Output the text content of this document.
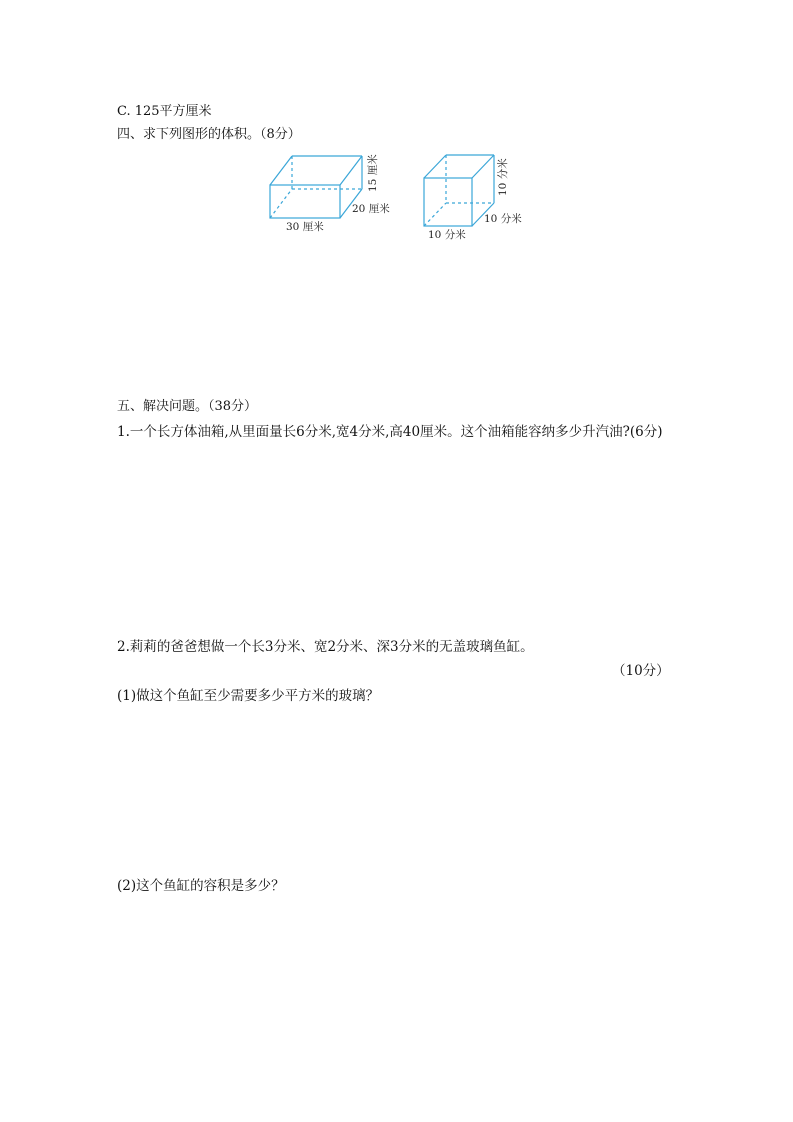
C. 125平方厘米
四、求下列图形的体积。（8分）
30 厘米
20 厘米
15 厘米
10 分米
10 分米
10 分米
五、解决问题。（38分）
1.一个长方体油箱,从里面量长6分米,宽4分米,高40厘米。这个油箱能容纳多少升汽油?(6分)
2.莉莉的爸爸想做一个长3分米、宽2分米、深3分米的无盖玻璃鱼缸。
（10分）
(1)做这个鱼缸至少需要多少平方米的玻璃？
(2)这个鱼缸的容积是多少？
